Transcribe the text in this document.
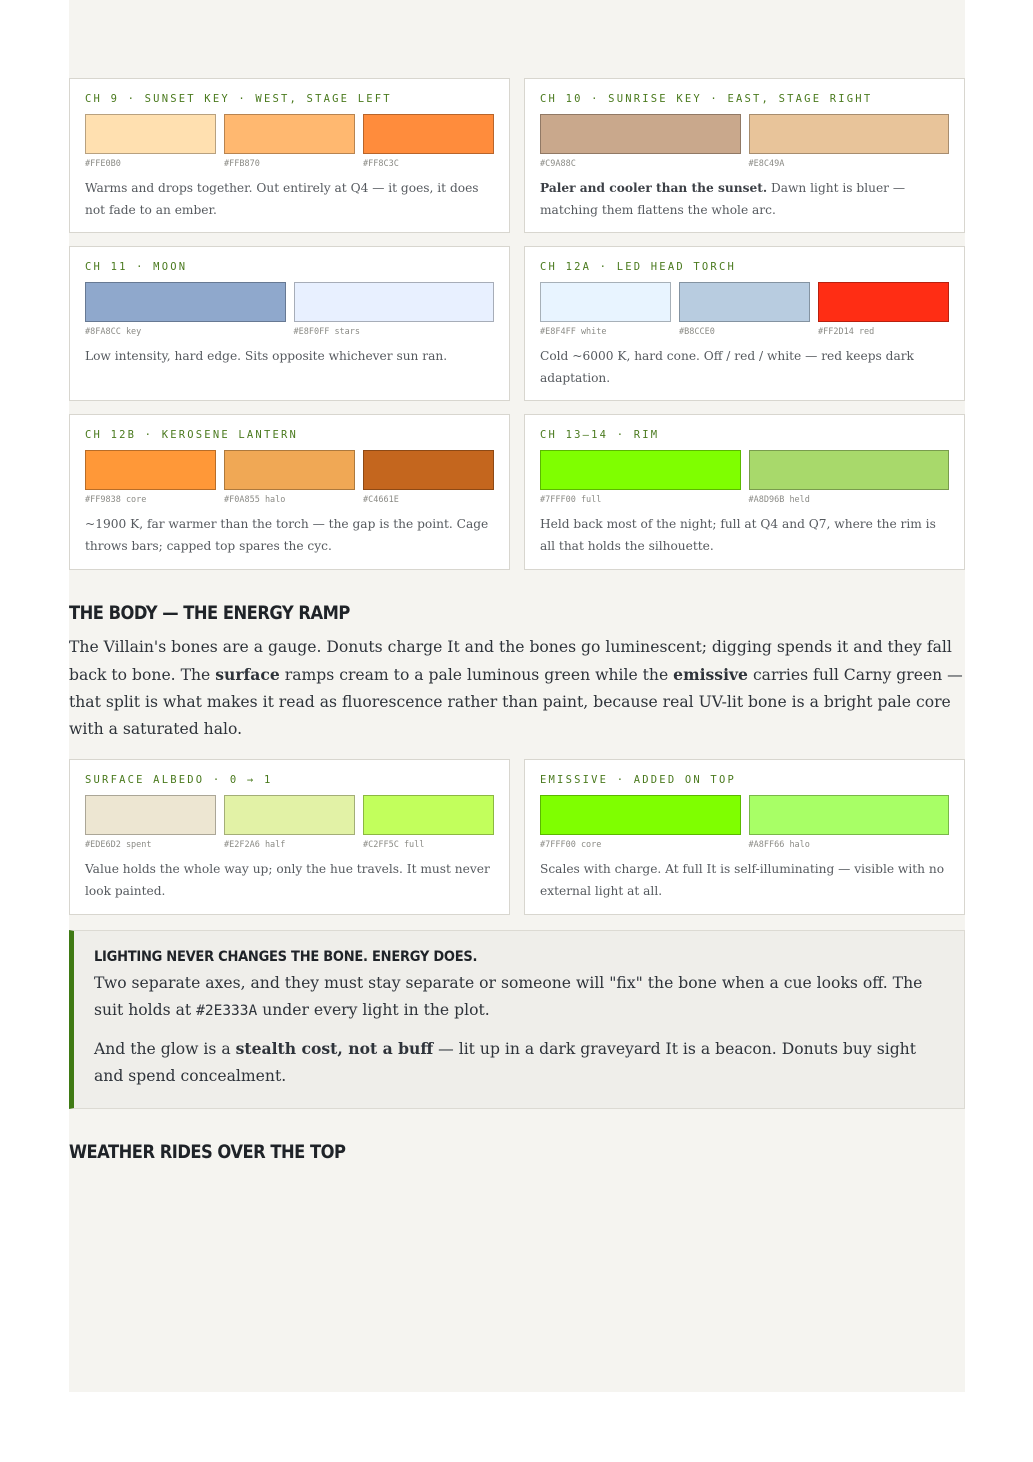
CH 9 · SUNSET KEY · WEST, STAGE LEFT
#FFE0B0	#FFB870	#FF8C3C
Warms and drops together. Out entirely at Q4 — it goes, it does not fade to an ember.
CH 10 · SUNRISE KEY · EAST, STAGE RIGHT
#C9A88C	#E8C49A
Paler and cooler than the sunset. Dawn light is bluer — matching them flattens the whole arc.
CH 11 · MOON
#8FA8CC key	#E8F0FF stars
Low intensity, hard edge. Sits opposite whichever sun ran.
CH 12A · LED HEAD TORCH
#E8F4FF white	#B8CCE0	#FF2D14 red
Cold ~6000 K, hard cone. Off / red / white — red keeps dark adaptation.
CH 12B · KEROSENE LANTERN
#FF9838 core	#F0A855 halo	#C4661E
~1900 K, far warmer than the torch — the gap is the point. Cage throws bars; capped top spares the cyc.
CH 13–14 · RIM
#7FFF00 full	#A8D96B held
Held back most of the night; full at Q4 and Q7, where the rim is all that holds the silhouette.
THE BODY — THE ENERGY RAMP
The Villain's bones are a gauge. Donuts charge It and the bones go luminescent; digging spends it and they fall back to bone. The surface ramps cream to a pale luminous green while the emissive carries full Carny green — that split is what makes it read as fluorescence rather than paint, because real UV-lit bone is a bright pale core with a saturated halo.
SURFACE ALBEDO · 0 → 1
#EDE6D2 spent	#E2F2A6 half	#C2FF5C full
Value holds the whole way up; only the hue travels. It must never look painted.
EMISSIVE · ADDED ON TOP
#7FFF00 core	#A8FF66 halo
Scales with charge. At full It is self-illuminating — visible with no external light at all.
LIGHTING NEVER CHANGES THE BONE. ENERGY DOES.

Two separate axes, and they must stay separate or someone will "fix" the bone when a cue looks off. The suit holds at #2E333A under every light in the plot.

And the glow is a stealth cost, not a buff — lit up in a dark graveyard It is a beacon. Donuts buy sight and spend concealment.

WEATHER RIDES OVER THE TOP
